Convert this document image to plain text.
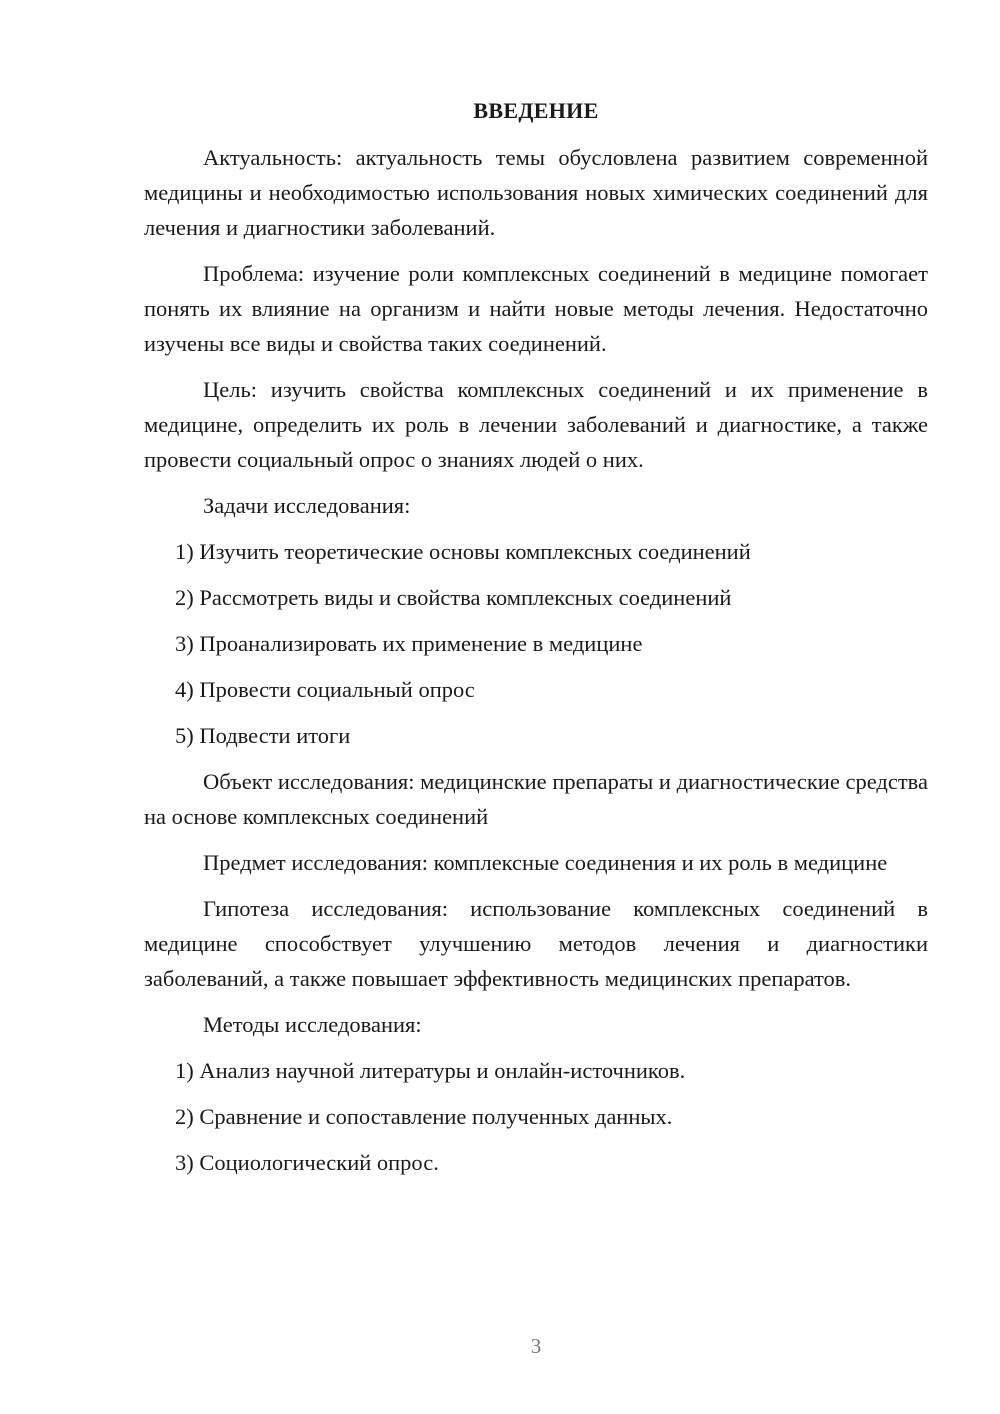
ВВЕДЕНИЕ

Актуальность: актуальность темы обусловлена развитием современной медицины и необходимостью использования новых химических соединений для лечения и диагностики заболеваний.

Проблема: изучение роли комплексных соединений в медицине помогает понять их влияние на организм и найти новые методы лечения. Недостаточно изучены все виды и свойства таких соединений.

Цель: изучить свойства комплексных соединений и их применение в медицине, определить их роль в лечении заболеваний и диагностике, а также провести социальный опрос о знаниях людей о них.

Задачи исследования:

1) Изучить теоретические основы комплексных соединений

2) Рассмотреть виды и свойства комплексных соединений

3) Проанализировать их применение в медицине

4) Провести социальный опрос

5) Подвести итоги

Объект исследования: медицинские препараты и диагностические средства на основе комплексных соединений

Предмет исследования: комплексные соединения и их роль в медицине

Гипотеза исследования: использование комплексных соединений в медицине способствует улучшению методов лечения и диагностики заболеваний, а также повышает эффективность медицинских препаратов.

Методы исследования:

1) Анализ научной литературы и онлайн-источников.

2) Сравнение и сопоставление полученных данных.

3) Социологический опрос.

3
